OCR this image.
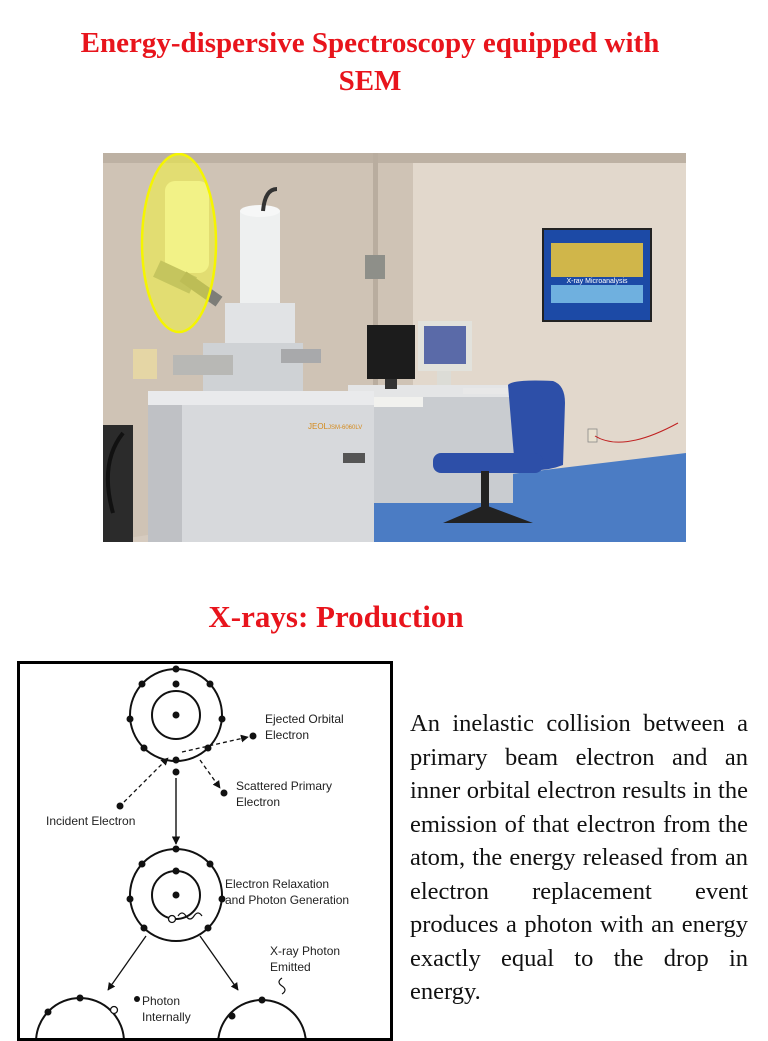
Energy-dispersive Spectroscopy equipped with
SEM
X-ray Microanalysis
JEOL JSM-6060LV
X-rays: Production
Ejected Orbital
Electron
Scattered Primary
Electron
Incident Electron
Electron Relaxation
and Photon Generation
X-ray Photon
Emitted
Photon
Internally

An inelastic collision between a primary beam electron and an inner orbital electron results in the emission of that electron from the atom, the energy released from an electron replacement event produces a photon with an energy exactly equal to the drop in energy.
